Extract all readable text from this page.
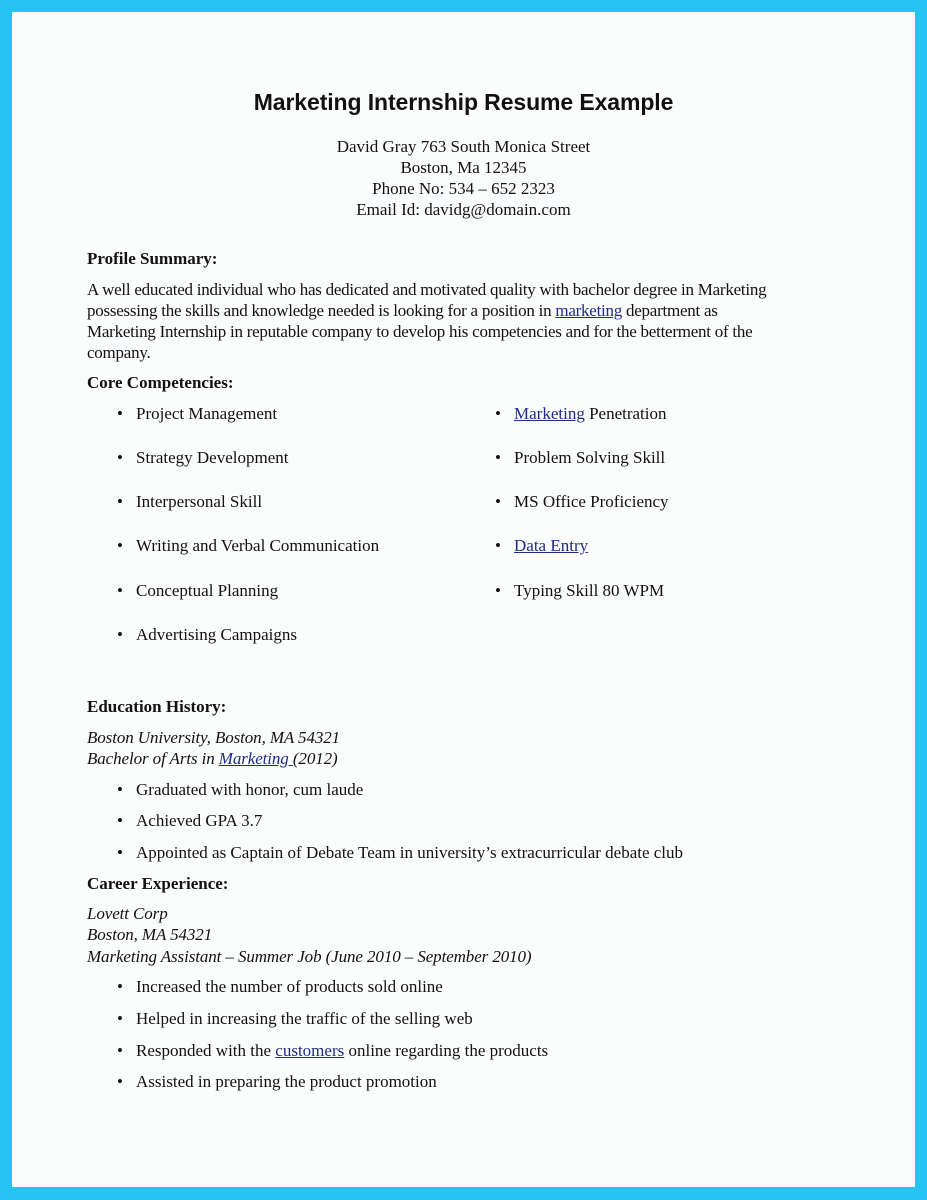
Marketing Internship Resume Example
David Gray 763 South Monica Street
Boston, Ma 12345
Phone No: 534 – 652 2323
Email Id: davidg@domain.com
Profile Summary:
A well educated individual who has dedicated and motivated quality with bachelor degree in Marketing
possessing the skills and knowledge needed is looking for a position in marketing department as
Marketing Internship in reputable company to develop his competencies and for the betterment of the
company.
Core Competencies:
• Project Management
• Strategy Development
• Interpersonal Skill
• Writing and Verbal Communication
• Conceptual Planning
• Advertising Campaigns
• Marketing Penetration
• Problem Solving Skill
• MS Office Proficiency
• Data Entry
• Typing Skill 80 WPM
Education History:
Boston University, Boston, MA 54321
Bachelor of Arts in Marketing (2012)
• Graduated with honor, cum laude
• Achieved GPA 3.7
• Appointed as Captain of Debate Team in university’s extracurricular debate club
Career Experience:
Lovett Corp
Boston, MA 54321
Marketing Assistant – Summer Job (June 2010 – September 2010)
• Increased the number of products sold online
• Helped in increasing the traffic of the selling web
• Responded with the customers online regarding the products
• Assisted in preparing the product promotion
